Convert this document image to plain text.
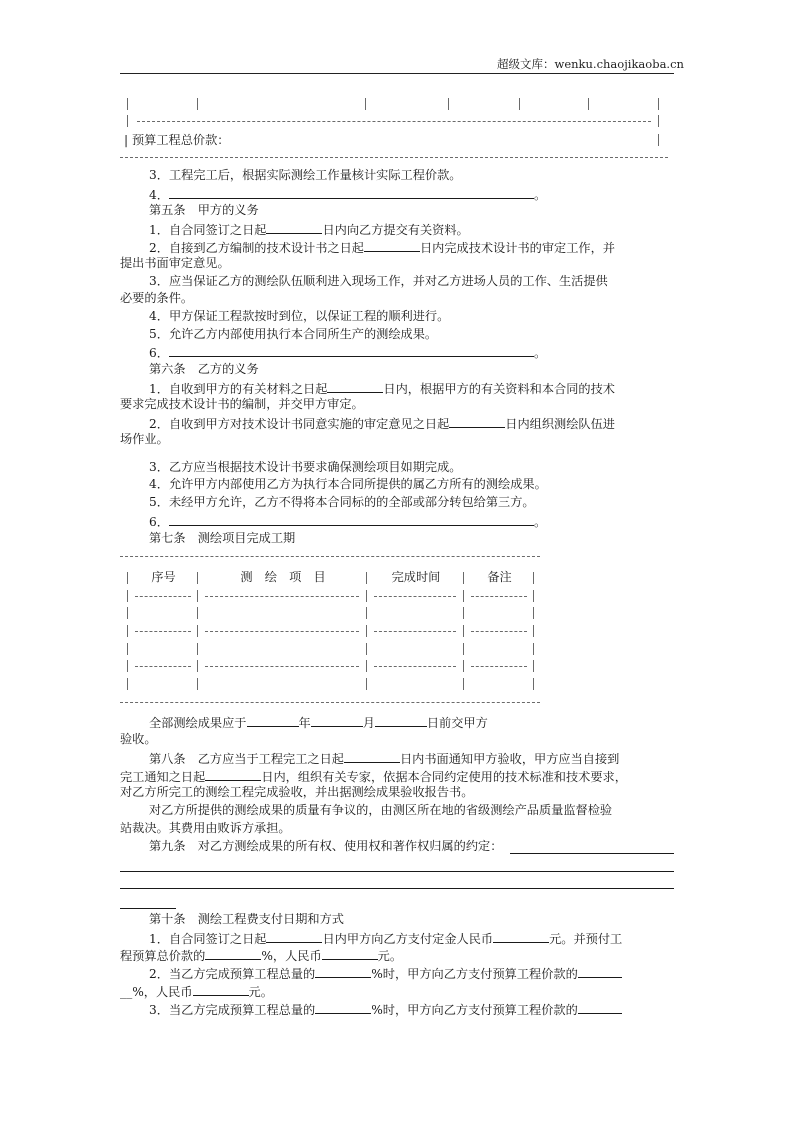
超级文库：wenku.chaojikaoba.cn
| 预算工程总价款：
3．工程完工后，根据实际测绘工作量核计实际工程价款。
4．	。
第五条　甲方的义务
1．自合同签订之日起	日内向乙方提交有关资料。
2．自接到乙方编制的技术设计书之日起	日内完成技术设计书的审定工作，并
提出书面审定意见。
3．应当保证乙方的测绘队伍顺利进入现场工作，并对乙方进场人员的工作、生活提供
必要的条件。
4．甲方保证工程款按时到位，以保证工程的顺利进行。
5．允许乙方内部使用执行本合同所生产的测绘成果。
6．	。
第六条　乙方的义务
1．自收到甲方的有关材料之日起	日内，根据甲方的有关资料和本合同的技术
要求完成技术设计书的编制，并交甲方审定。
2．自收到甲方对技术设计书同意实施的审定意见之日起	日内组织测绘队伍进
场作业。
3．乙方应当根据技术设计书要求确保测绘项目如期完成。
4．允许甲方内部使用乙方为执行本合同所提供的属乙方所有的测绘成果。
5．未经甲方允许，乙方不得将本合同标的的全部或部分转包给第三方。
6．	。
第七条　测绘项目完成工期
序号	测　绘　项　目	完成时间	备注
全部测绘成果应于	年	月	日前交甲方
验收。
第八条　乙方应当于工程完工之日起	日内书面通知甲方验收，甲方应当自接到
完工通知之日起	日内，组织有关专家，依据本合同约定使用的技术标准和技术要求，
对乙方所完工的测绘工程完成验收，并出据测绘成果验收报告书。
对乙方所提供的测绘成果的质量有争议的，由测区所在地的省级测绘产品质量监督检验
站裁决。其费用由败诉方承担。
第九条　对乙方测绘成果的所有权、使用权和著作权归属的约定：
第十条　测绘工程费支付日期和方式
1．自合同签订之日起	日内甲方向乙方支付定金人民币	元。并预付工
程预算总价款的	%，人民币	元。
2．当乙方完成预算工程总量的	%时，甲方向乙方支付预算工程价款的
__%，人民币	元。
3．当乙方完成预算工程总量的	%时，甲方向乙方支付预算工程价款的
